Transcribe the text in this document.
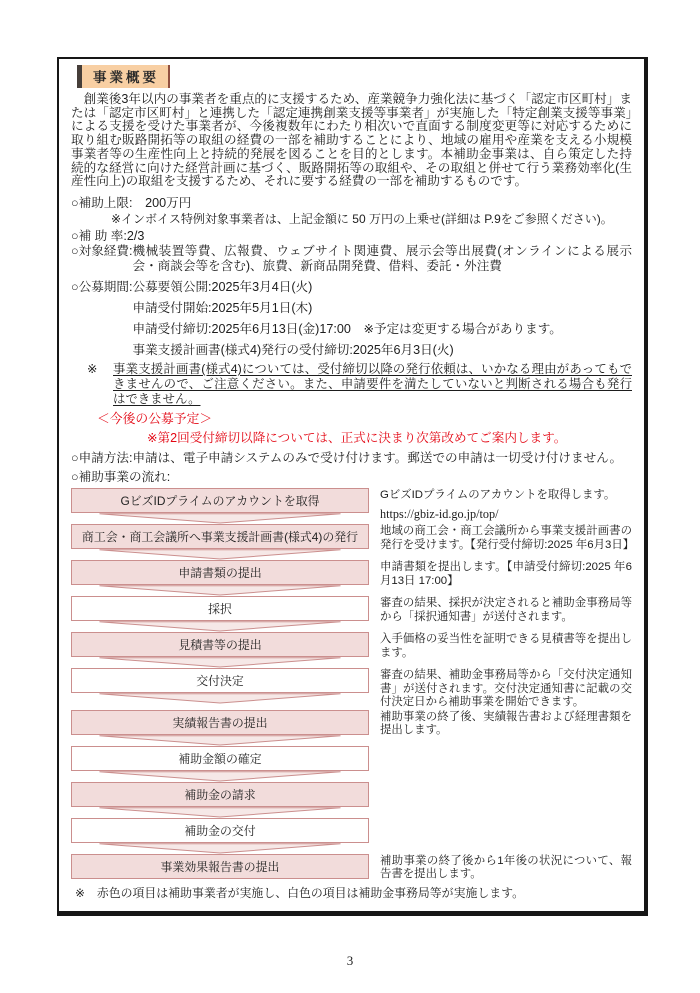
事業概要

創業後3年以内の事業者を重点的に支援するため、産業競争力強化法に基づく「認定市区町村」または「認定市区町村」と連携した「認定連携創業支援等事業者」が実施した「特定創業支援等事業」による支援を受けた事業者が、今後複数年にわたり相次いで直面する制度変更等に対応するために取り組む販路開拓等の取組の経費の一部を補助することにより、地域の雇用や産業を支える小規模事業者等の生産性向上と持続的発展を図ることを目的とします。本補助金事業は、自ら策定した持続的な経営に向けた経営計画に基づく、販路開拓等の取組や、その取組と併せて行う業務効率化(生産性向上)の取組を支援するため、それに要する経費の一部を補助するものです。

○補助上限: 　200万円
※インボイス特例対象事業者は、上記金額に 50 万円の上乗せ(詳細は P.9をご参照ください)。
○補 助 率: 2/3
○対象経費: 機械装置等費、広報費、ウェブサイト関連費、展示会等出展費(オンラインによる展示会・商談会等を含む)、旅費、新商品開発費、借料、委託・外注費
○公募期間: 公募要領公開:2025年3月4日(火)
申請受付開始:2025年5月1日(木)
申請受付締切:2025年6月13日(金)17:00　※予定は変更する場合があります。
事業支援計画書(様式4)発行の受付締切:2025年6月3日(火)
※	事業支援計画書(様式4)については、受付締切以降の発行依頼は、いかなる理由があってもできませんので、ご注意ください。また、申請要件を満たしていないと判断される場合も発行はできません。
＜今後の公募予定＞
※第2回受付締切以降については、正式に決まり次第改めてご案内します。
○申請方法: 申請は、電子申請システムのみで受け付けます。郵送での申請は一切受け付けません。
○補助事業の流れ:
GビズIDプライムのアカウントを取得	GビズIDプライムのアカウントを取得します。
https://gbiz-id.go.jp/top/
商工会・商工会議所へ事業支援計画書(様式4)の発行	地域の商工会・商工会議所から事業支援計画書の発行を受けます。【発行受付締切:2025 年6月3日】
申請書類の提出	申請書類を提出します。【申請受付締切:2025 年6月13日 17:00】
採択	審査の結果、採択が決定されると補助金事務局等から「採択通知書」が送付されます。
見積書等の提出	入手価格の妥当性を証明できる見積書等を提出します。
交付決定	審査の結果、補助金事務局等から「交付決定通知書」が送付されます。交付決定通知書に記載の交付決定日から補助事業を開始できます。
実績報告書の提出	補助事業の終了後、実績報告書および経理書類を提出します。
補助金額の確定
補助金の請求
補助金の交付
事業効果報告書の提出	補助事業の終了後から1年後の状況について、報告書を提出します。
※　赤色の項目は補助事業者が実施し、白色の項目は補助金事務局等が実施します。
3
